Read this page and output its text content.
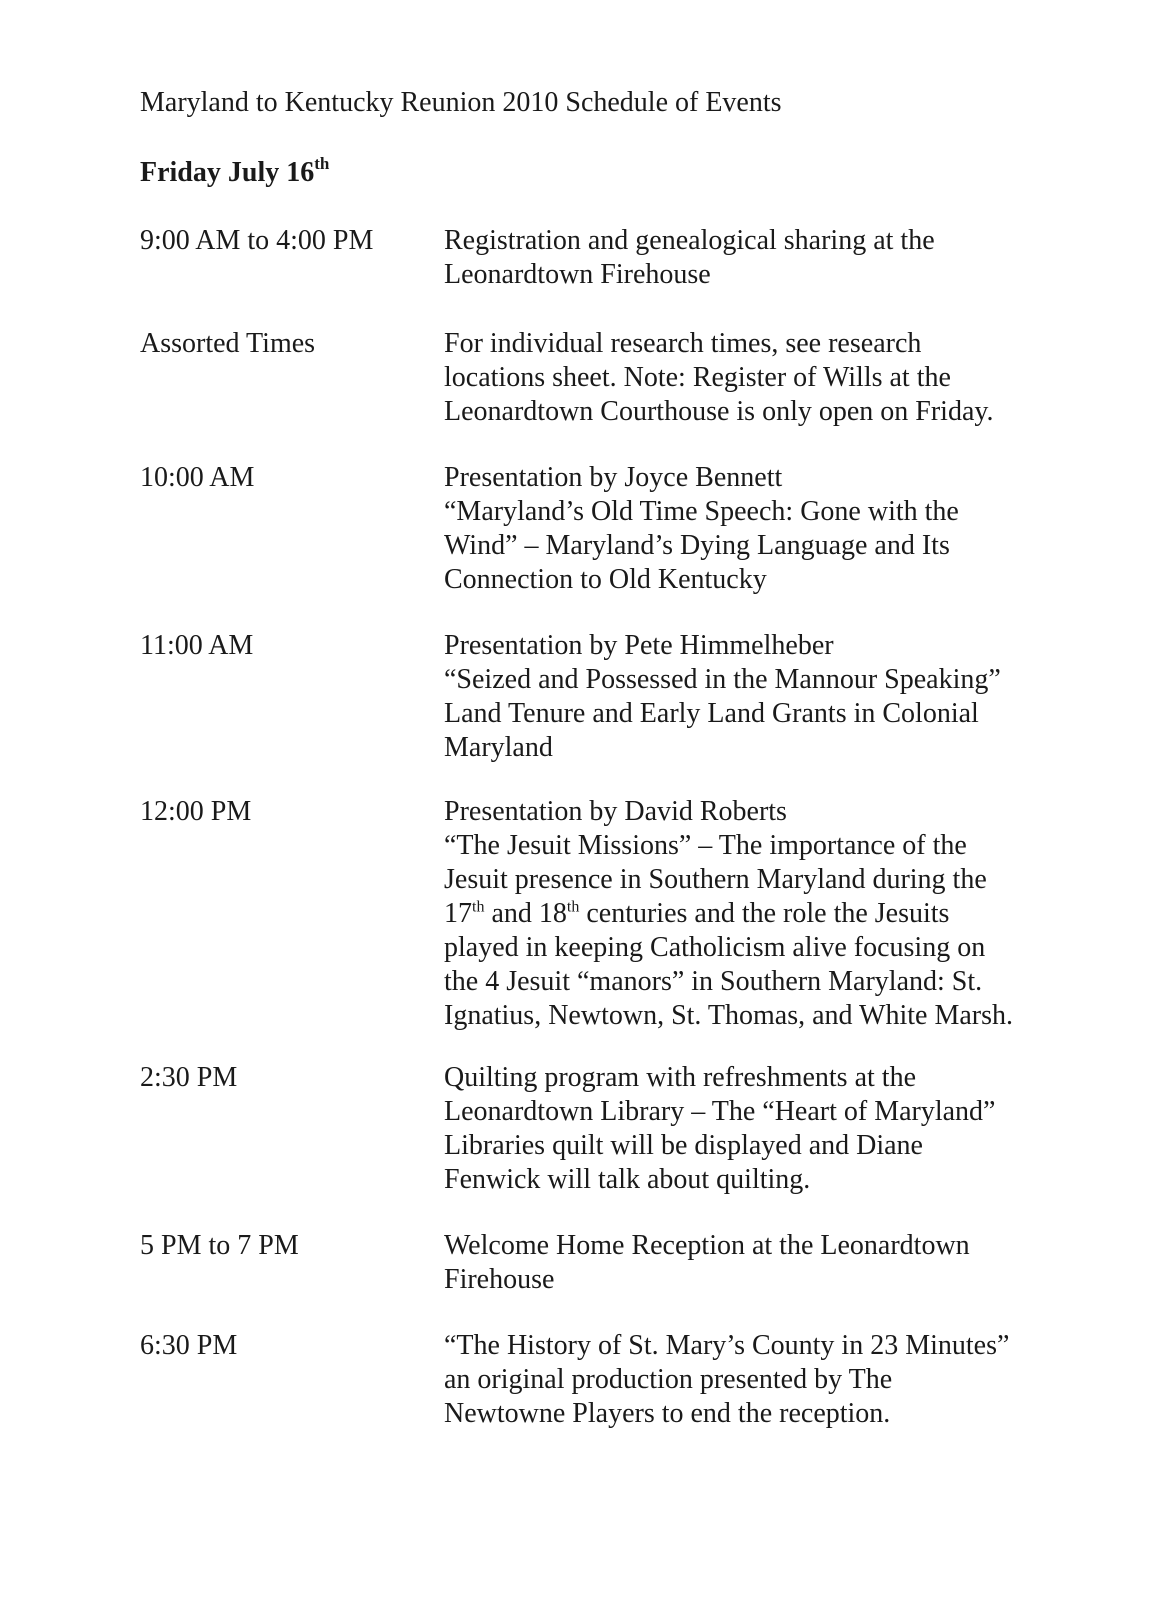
Maryland to Kentucky Reunion 2010 Schedule of Events
Friday July 16th
9:00 AM to 4:00 PM	Registration and genealogical sharing at the
Leonardtown Firehouse
Assorted Times	For individual research times, see research
locations sheet. Note: Register of Wills at the
Leonardtown Courthouse is only open on Friday.
10:00 AM	Presentation by Joyce Bennett
“Maryland’s Old Time Speech: Gone with the
Wind” – Maryland’s Dying Language and Its
Connection to Old Kentucky
11:00 AM	Presentation by Pete Himmelheber
“Seized and Possessed in the Mannour Speaking”
Land Tenure and Early Land Grants in Colonial
Maryland
12:00 PM	Presentation by David Roberts
“The Jesuit Missions” – The importance of the
Jesuit presence in Southern Maryland during the
17th and 18th centuries and the role the Jesuits
played in keeping Catholicism alive focusing on
the 4 Jesuit “manors” in Southern Maryland: St.
Ignatius, Newtown, St. Thomas, and White Marsh.
2:30 PM	Quilting program with refreshments at the
Leonardtown Library – The “Heart of Maryland”
Libraries quilt will be displayed and Diane
Fenwick will talk about quilting.
5 PM to 7 PM	Welcome Home Reception at the Leonardtown
Firehouse
6:30 PM	“The History of St. Mary’s County in 23 Minutes”
an original production presented by The
Newtowne Players to end the reception.
